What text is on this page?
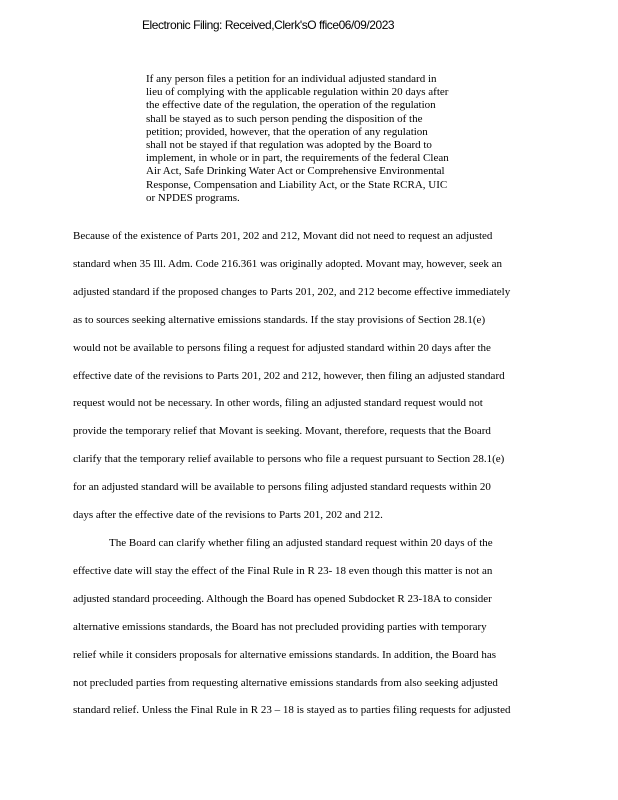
Electronic Filing: Received,Clerk'sO ffice06/09/2023
If any person files a petition for an individual adjusted standard in
lieu of complying with the applicable regulation within 20 days after
the effective date of the regulation, the operation of the regulation
shall be stayed as to such person pending the disposition of the
petition; provided, however, that the operation of any regulation
shall not be stayed if that regulation was adopted by the Board to
implement, in whole or in part, the requirements of the federal Clean
Air Act, Safe Drinking Water Act or Comprehensive Environmental
Response, Compensation and Liability Act, or the State RCRA, UIC
or NPDES programs.

Because of the existence of Parts 201, 202 and 212, Movant did not need to request an adjusted
standard when 35 Ill. Adm. Code 216.361 was originally adopted. Movant may, however, seek an
adjusted standard if the proposed changes to Parts 201, 202, and 212 become effective immediately
as to sources seeking alternative emissions standards. If the stay provisions of Section 28.1(e)
would not be available to persons filing a request for adjusted standard within 20 days after the
effective date of the revisions to Parts 201, 202 and 212, however, then filing an adjusted standard
request would not be necessary. In other words, filing an adjusted standard request would not
provide the temporary relief that Movant is seeking. Movant, therefore, requests that the Board
clarify that the temporary relief available to persons who file a request pursuant to Section 28.1(e)
for an adjusted standard will be available to persons filing adjusted standard requests within 20
days after the effective date of the revisions to Parts 201, 202 and 212.

The Board can clarify whether filing an adjusted standard request within 20 days of the
effective date will stay the effect of the Final Rule in R 23- 18 even though this matter is not an
adjusted standard proceeding. Although the Board has opened Subdocket R 23-18A to consider
alternative emissions standards, the Board has not precluded providing parties with temporary
relief while it considers proposals for alternative emissions standards. In addition, the Board has
not precluded parties from requesting alternative emissions standards from also seeking adjusted
standard relief. Unless the Final Rule in R 23 – 18 is stayed as to parties filing requests for adjusted
